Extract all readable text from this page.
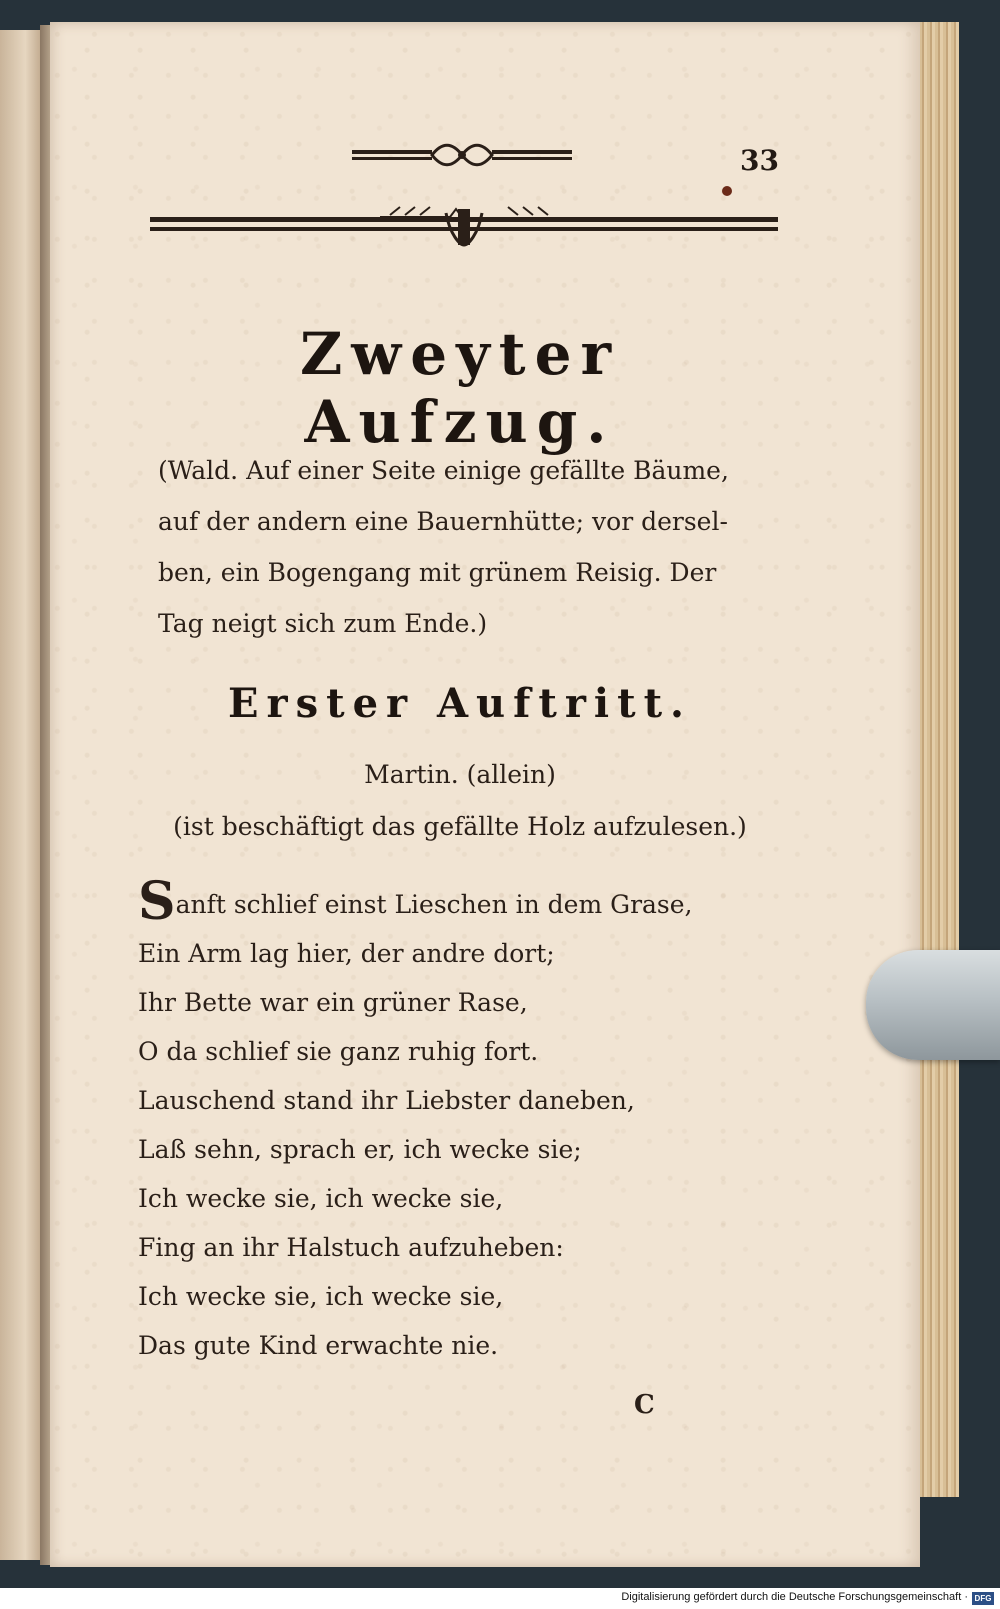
33
Zweyter Aufzug.
(Wald. Auf einer Seite einige gefällte Bäume,
auf der andern eine Bauernhütte; vor dersel-
ben, ein Bogengang mit grünem Reisig. Der
Tag neigt sich zum Ende.)
Erster Auftritt.
Martin. (allein)
(ist beschäftigt das gefällte Holz aufzulesen.)
Sanft schlief einst Lieschen in dem Grase,
Ein Arm lag hier, der andre dort;
Ihr Bette war ein grüner Rase,
O da schlief sie ganz ruhig fort.
Lauschend stand ihr Liebster daneben,
Laß sehn, sprach er, ich wecke sie;
Ich wecke sie, ich wecke sie,
Fing an ihr Halstuch aufzuheben:
Ich wecke sie, ich wecke sie,
Das gute Kind erwachte nie.
C
Digitalisierung gefördert durch die Deutsche Forschungsgemeinschaft · DFG
